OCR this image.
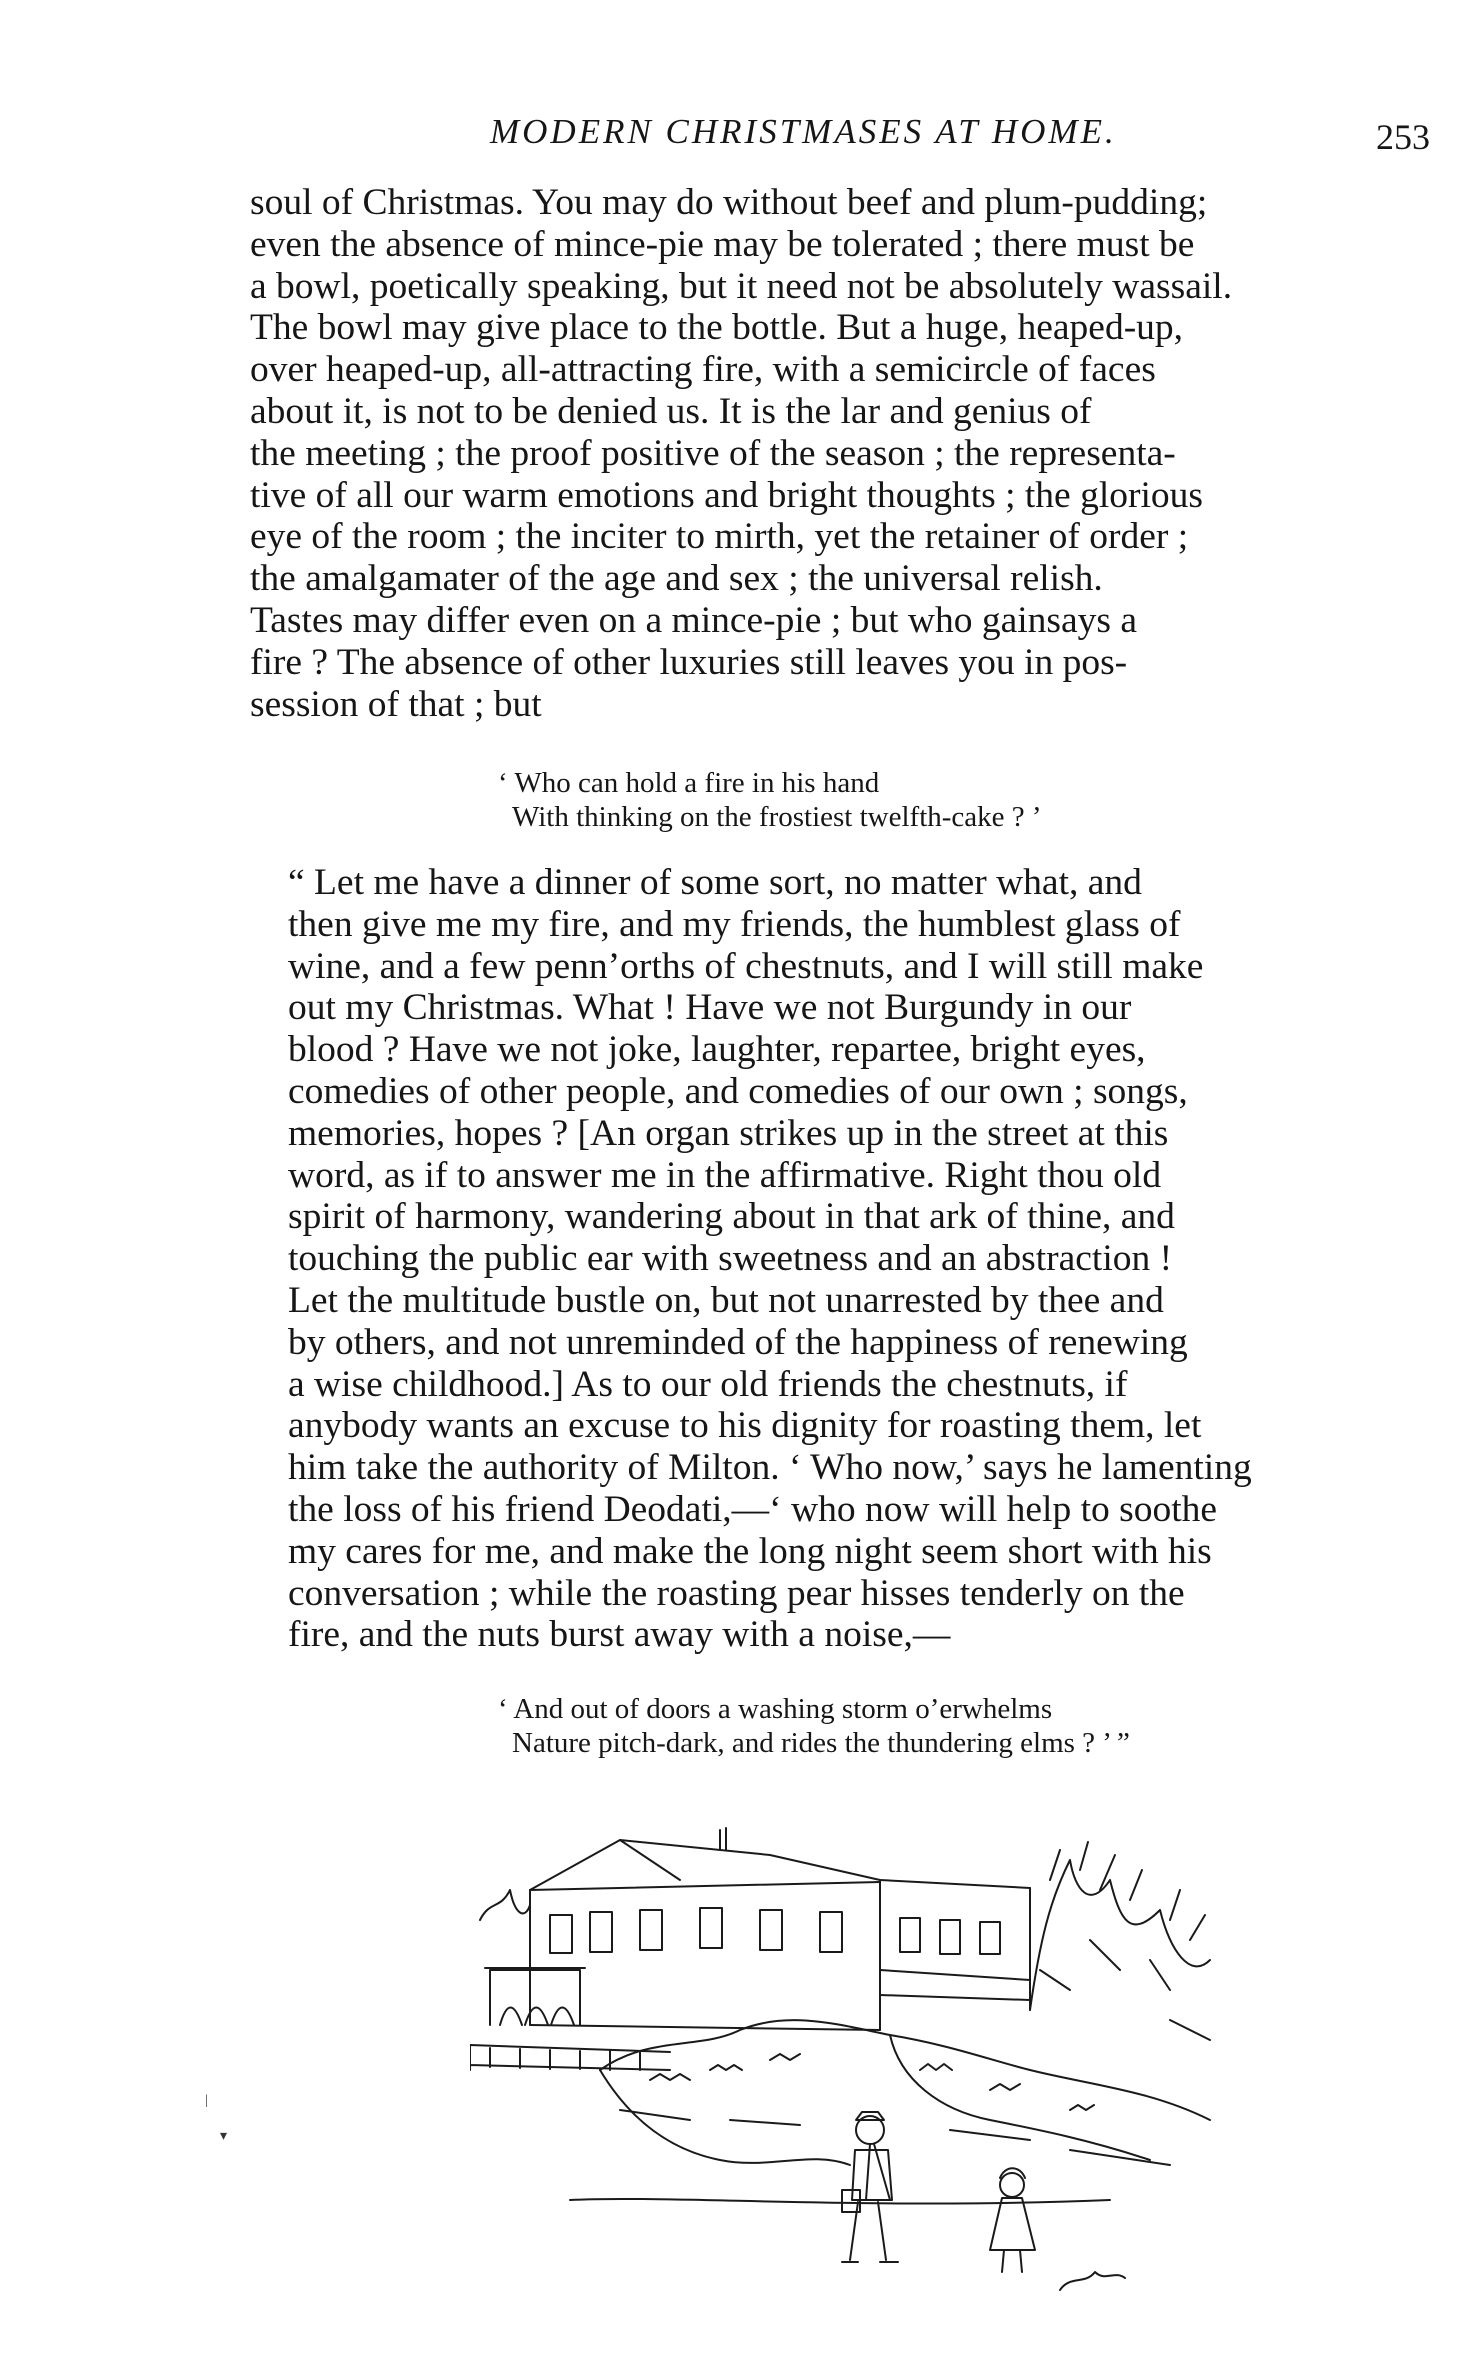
MODERN CHRISTMASES AT HOME.	253
soul of Christmas. You may do without beef and plum-pudding;
even the absence of mince-pie may be tolerated ; there must be
a bowl, poetically speaking, but it need not be absolutely wassail.
The bowl may give place to the bottle. But a huge, heaped-up,
over heaped-up, all-attracting fire, with a semicircle of faces
about it, is not to be denied us. It is the lar and genius of
the meeting ; the proof positive of the season ; the representa-
tive of all our warm emotions and bright thoughts ; the glorious
eye of the room ; the inciter to mirth, yet the retainer of order ;
the amalgamater of the age and sex ; the universal relish.
Tastes may differ even on a mince-pie ; but who gainsays a
fire ? The absence of other luxuries still leaves you in pos-
session of that ; but
‘ Who can hold a fire in his hand
With thinking on the frostiest twelfth-cake ? ’
“ Let me have a dinner of some sort, no matter what, and
then give me my fire, and my friends, the humblest glass of
wine, and a few penn’orths of chestnuts, and I will still make
out my Christmas. What ! Have we not Burgundy in our
blood ? Have we not joke, laughter, repartee, bright eyes,
comedies of other people, and comedies of our own ; songs,
memories, hopes ? [An organ strikes up in the street at this
word, as if to answer me in the affirmative. Right thou old
spirit of harmony, wandering about in that ark of thine, and
touching the public ear with sweetness and an abstraction !
Let the multitude bustle on, but not unarrested by thee and
by others, and not unreminded of the happiness of renewing
a wise childhood.] As to our old friends the chestnuts, if
anybody wants an excuse to his dignity for roasting them, let
him take the authority of Milton. ‘ Who now,’ says he lamenting
the loss of his friend Deodati,—‘ who now will help to soothe
my cares for me, and make the long night seem short with his
conversation ; while the roasting pear hisses tenderly on the
fire, and the nuts burst away with a noise,—
‘ And out of doors a washing storm o’erwhelms
Nature pitch-dark, and rides the thundering elms ? ’ ”
|
▾
